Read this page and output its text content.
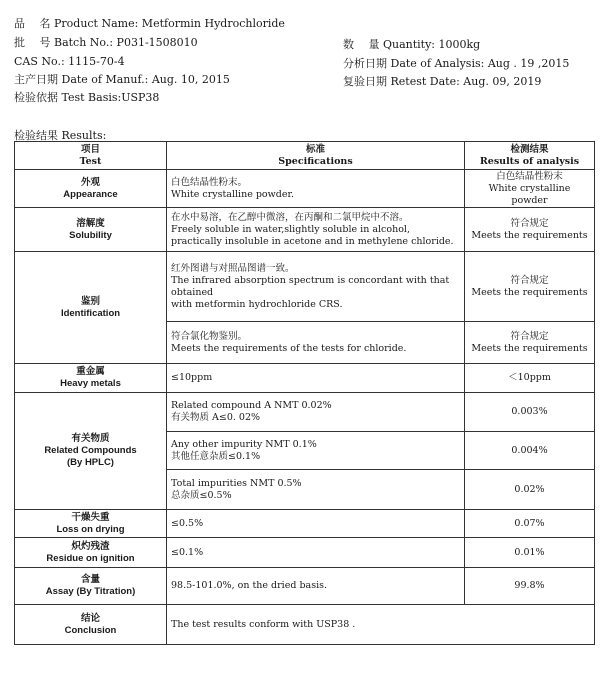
品　 名 Product Name: Metformin Hydrochloride
批　 号 Batch No.: P031-1508010
CAS No.: 1115-70-4
主产日期 Date of Manuf.: Aug. 10, 2015
检验依据 Test Basis:USP38
数　 量 Quantity: 1000kg
分析日期 Date of Analysis: Aug . 19 ,2015
复验日期 Retest Date: Aug. 09, 2019
检验结果 Results:
项目
Test	标准
Specifications	检测结果
Results of analysis

外观
Appearance	白色结晶性粉末。
White crystalline powder.	白色结晶性粉末
White crystalline powder

溶解度
Solubility	在水中易溶，在乙醇中微溶，在丙酮和二氯甲烷中不溶。
Freely soluble in water,slightly soluble in alcohol,
practically insoluble in acetone and in methylene chloride.	符合规定
Meets the requirements

鉴别
Identification	红外图谱与对照品图谱一致。
The infrared absorption spectrum is concordant with that obtained
with metformin hydrochloride CRS.	符合规定
Meets the requirements

	符合氯化物鉴别。
Meets the requirements of the tests for chloride.	符合规定
Meets the requirements

重金属
Heavy metals	≤10ppm	＜10ppm

有关物质
Related Compounds
(By HPLC)	Related compound A NMT 0.02%
有关物质 A≤0. 02%	0.003%

	Any other impurity NMT 0.1%
其他任意杂质≤0.1%	0.004%

	Total impurities NMT 0.5%
总杂质≤0.5%	0.02%

干燥失重
Loss on drying	≤0.5%	0.07%

炽灼残渣
Residue on ignition	≤0.1%	0.01%

含量
Assay (By Titration)	98.5-101.0%, on the dried basis.	99.8%

结论
Conclusion	The test results conform with USP38 .	
